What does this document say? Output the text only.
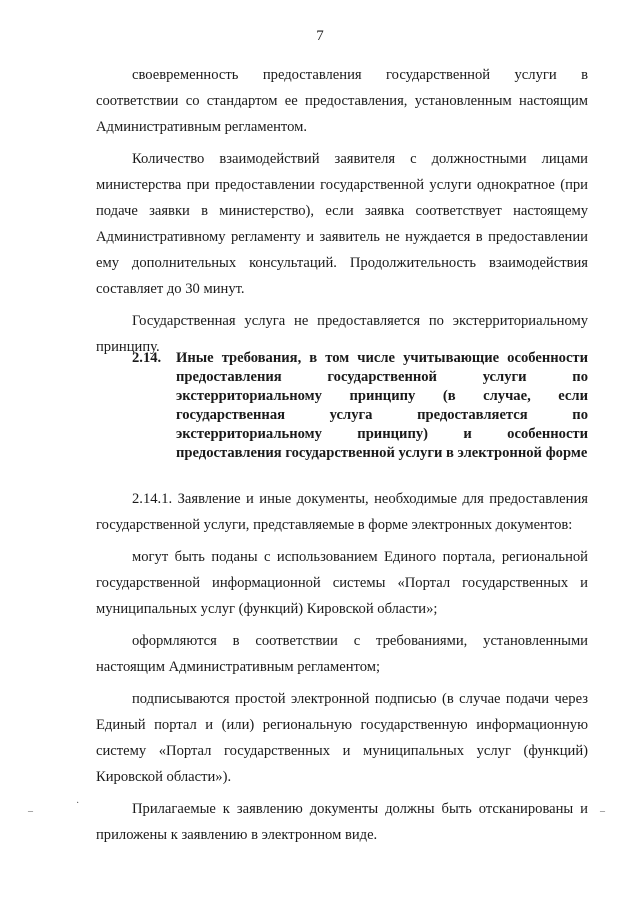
7

своевременность предоставления государственной услуги в соответствии со стандартом ее предоставления, установленным настоящим Административным регламентом.

Количество взаимодействий заявителя с должностными лицами министерства при предоставлении государственной услуги однократное (при подаче заявки в министерство), если заявка соответствует настоящему Административному регламенту и заявитель не нуждается в предоставлении ему дополнительных консультаций. Продолжительность взаимодействия составляет до 30 минут.

Государственная услуга не предоставляется по экстерриториальному принципу.

2.14. Иные требования, в том числе учитывающие особенности предоставления государственной услуги по экстерриториальному принципу (в случае, если государственная услуга предоставляется по экстерриториальному принципу) и особенности предоставления государственной услуги в электронной форме

2.14.1. Заявление и иные документы, необходимые для предоставления государственной услуги, представляемые в форме электронных документов:

могут быть поданы с использованием Единого портала, региональной государственной информационной системы «Портал государственных и муниципальных услуг (функций) Кировской области»;

оформляются в соответствии с требованиями, установленными настоящим Административным регламентом;

подписываются простой электронной подписью (в случае подачи через Единый портал и (или) региональную государственную информационную систему «Портал государственных и муниципальных услуг (функций) Кировской области»).

Прилагаемые к заявлению документы должны быть отсканированы и приложены к заявлению в электронном виде.

–
·
–
